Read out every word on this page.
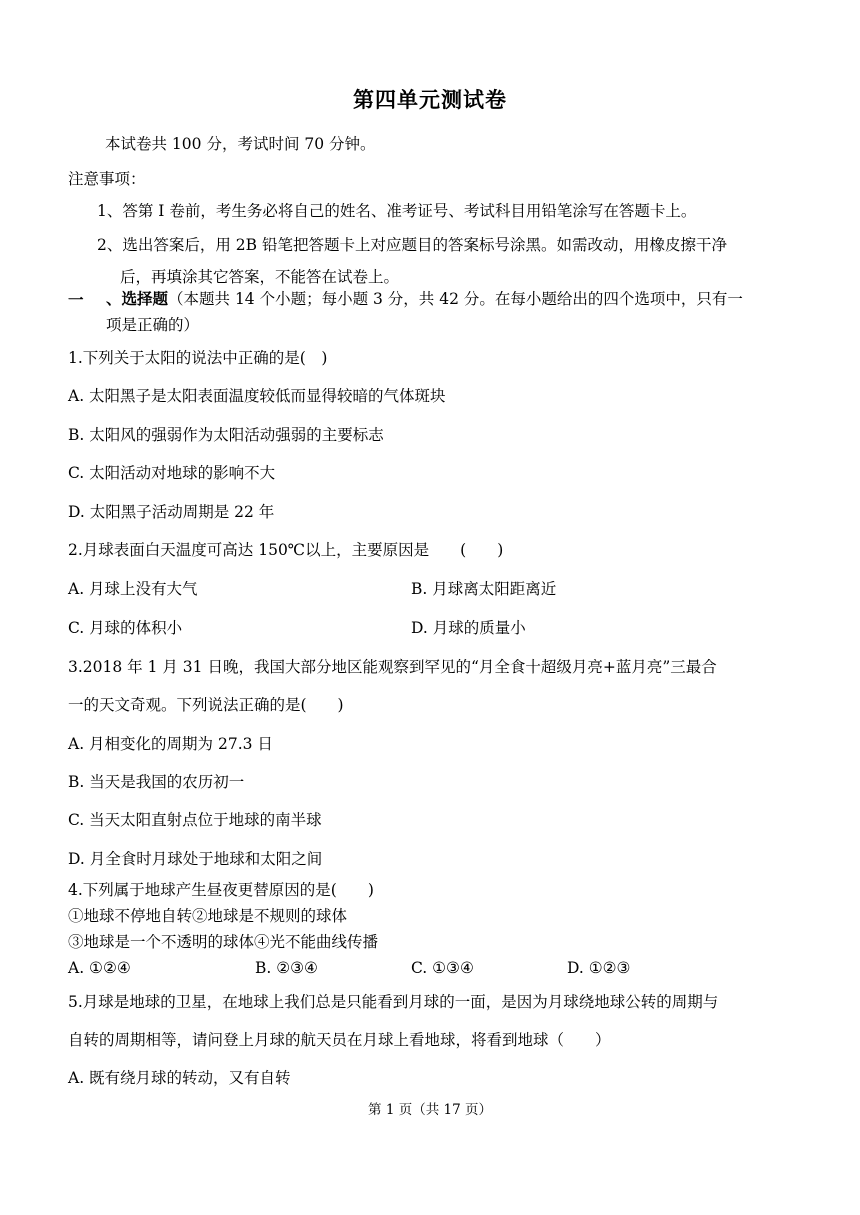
第四单元测试卷
本试卷共 100 分，考试时间 70 分钟。
注意事项：
1、答第 I 卷前，考生务必将自己的姓名、准考证号、考试科目用铅笔涂写在答题卡上。
2、选出答案后，用 2B 铅笔把答题卡上对应题目的答案标号涂黑。如需改动，用橡皮擦干净
后，再填涂其它答案，不能答在试卷上。
一 、选择题（本题共 14 个小题；每小题 3 分，共 42 分。在每小题给出的四个选项中，只有一
项是正确的）
1.下列关于太阳的说法中正确的是(　)
A. 太阳黑子是太阳表面温度较低而显得较暗的气体斑块
B. 太阳风的强弱作为太阳活动强弱的主要标志
C. 太阳活动对地球的影响不大
D. 太阳黑子活动周期是 22 年
2.月球表面白天温度可高达 150℃以上，主要原因是　　(　　)
A. 月球上没有大气	B. 月球离太阳距离近
C. 月球的体积小	D. 月球的质量小
3.2018 年 1 月 31 日晚，我国大部分地区能观察到罕见的“月全食十超级月亮+蓝月亮”三最合
一的天文奇观。下列说法正确的是(　　)
A. 月相变化的周期为 27.3 日
B. 当天是我国的农历初一
C. 当天太阳直射点位于地球的南半球
D. 月全食时月球处于地球和太阳之间
4.下列属于地球产生昼夜更替原因的是(　　)
①地球不停地自转②地球是不规则的球体
③地球是一个不透明的球体④光不能曲线传播
A. ①②④	B. ②③④	C. ①③④	D. ①②③
5.月球是地球的卫星，在地球上我们总是只能看到月球的一面，是因为月球绕地球公转的周期与
自转的周期相等，请问登上月球的航天员在月球上看地球，将看到地球（　　）
A. 既有绕月球的转动，又有自转
第 1 页（共 17 页）
